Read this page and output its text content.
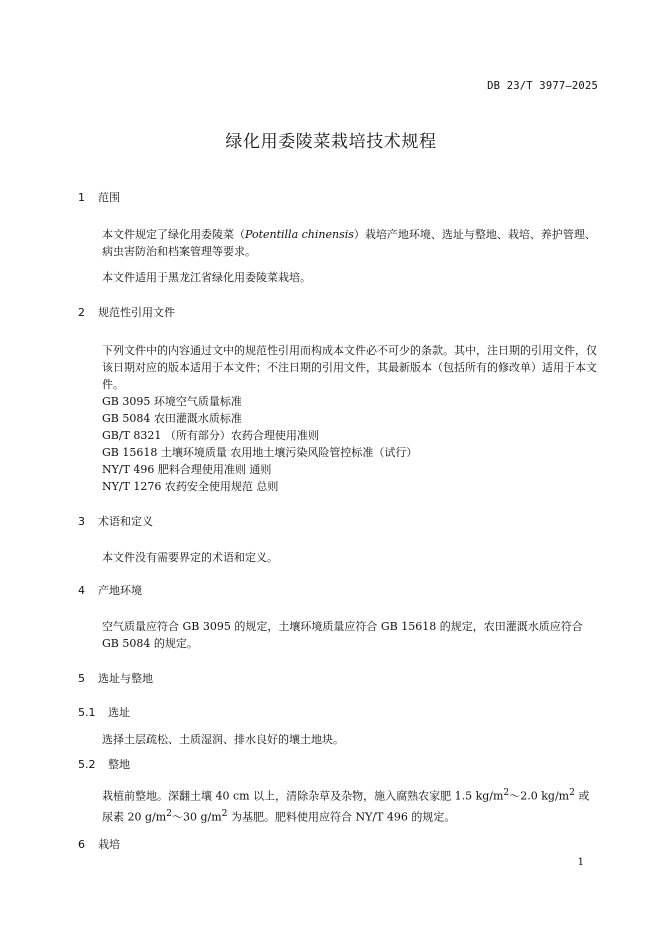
DB 23/T 3977—2025
绿化用委陵菜栽培技术规程
1 范围
本文件规定了绿化用委陵菜（Potentilla chinensis）栽培产地环境、选址与整地、栽培、养护管理、病虫害防治和档案管理等要求。
本文件适用于黑龙江省绿化用委陵菜栽培。
2 规范性引用文件
下列文件中的内容通过文中的规范性引用而构成本文件必不可少的条款。其中，注日期的引用文件，仅该日期对应的版本适用于本文件；不注日期的引用文件，其最新版本（包括所有的修改单）适用于本文件。
GB 3095 环境空气质量标准
GB 5084 农田灌溉水质标准
GB/T 8321 （所有部分）农药合理使用准则
GB 15618 土壤环境质量 农用地土壤污染风险管控标准（试行）
NY/T 496 肥料合理使用准则 通则
NY/T 1276 农药安全使用规范 总则
3 术语和定义
本文件没有需要界定的术语和定义。
4 产地环境
空气质量应符合 GB 3095 的规定，土壤环境质量应符合 GB 15618 的规定，农田灌溉水质应符合 GB 5084 的规定。
5 选址与整地
5.1 选址
选择土层疏松、土质湿润、排水良好的壤土地块。
5.2 整地
栽植前整地。深翻土壤 40 cm 以上，清除杂草及杂物，施入腐熟农家肥 1.5 $kg/m^2\sim 2.0$ $kg/m^2$ 或尿素 20 $g/m^2\sim 30$ $g/m^2$ 为基肥。肥料使用应符合 NY/T 496 的规定。
6 栽培
1
